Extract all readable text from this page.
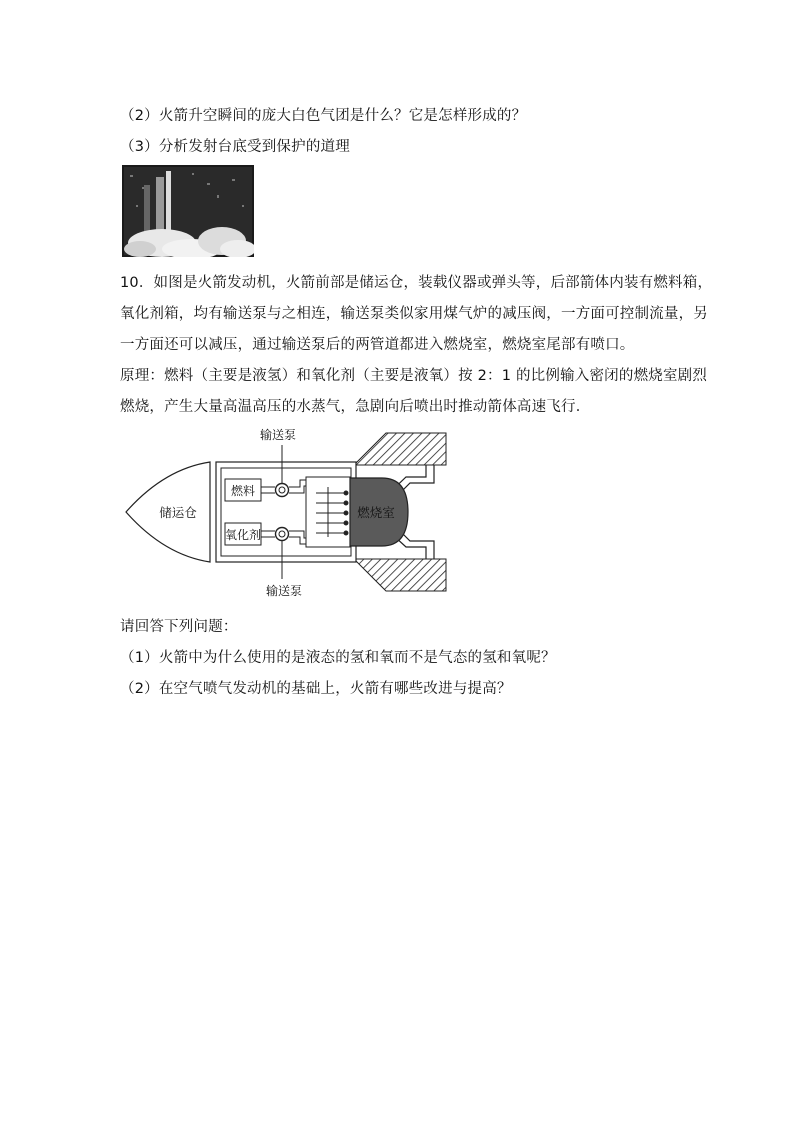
（2）火箭升空瞬间的庞大白色气团是什么？它是怎样形成的？
（3）分析发射台底受到保护的道理
10．如图是火箭发动机，火箭前部是储运仓，装载仪器或弹头等，后部箭体内装有燃料箱，
氧化剂箱，均有输送泵与之相连，输送泵类似家用煤气炉的减压阀，一方面可控制流量，另
一方面还可以减压，通过输送泵后的两管道都进入燃烧室，燃烧室尾部有喷口。
原理：燃料（主要是液氢）和氧化剂（主要是液氧）按 2：1 的比例输入密闭的燃烧室剧烈
燃烧，产生大量高温高压的水蒸气，急剧向后喷出时推动箭体高速飞行．
输送泵
输送泵
储运仓
燃料
氧化剂
燃烧室
请回答下列问题：
（1）火箭中为什么使用的是液态的氢和氧而不是气态的氢和氧呢？
（2）在空气喷气发动机的基础上，火箭有哪些改进与提高？
